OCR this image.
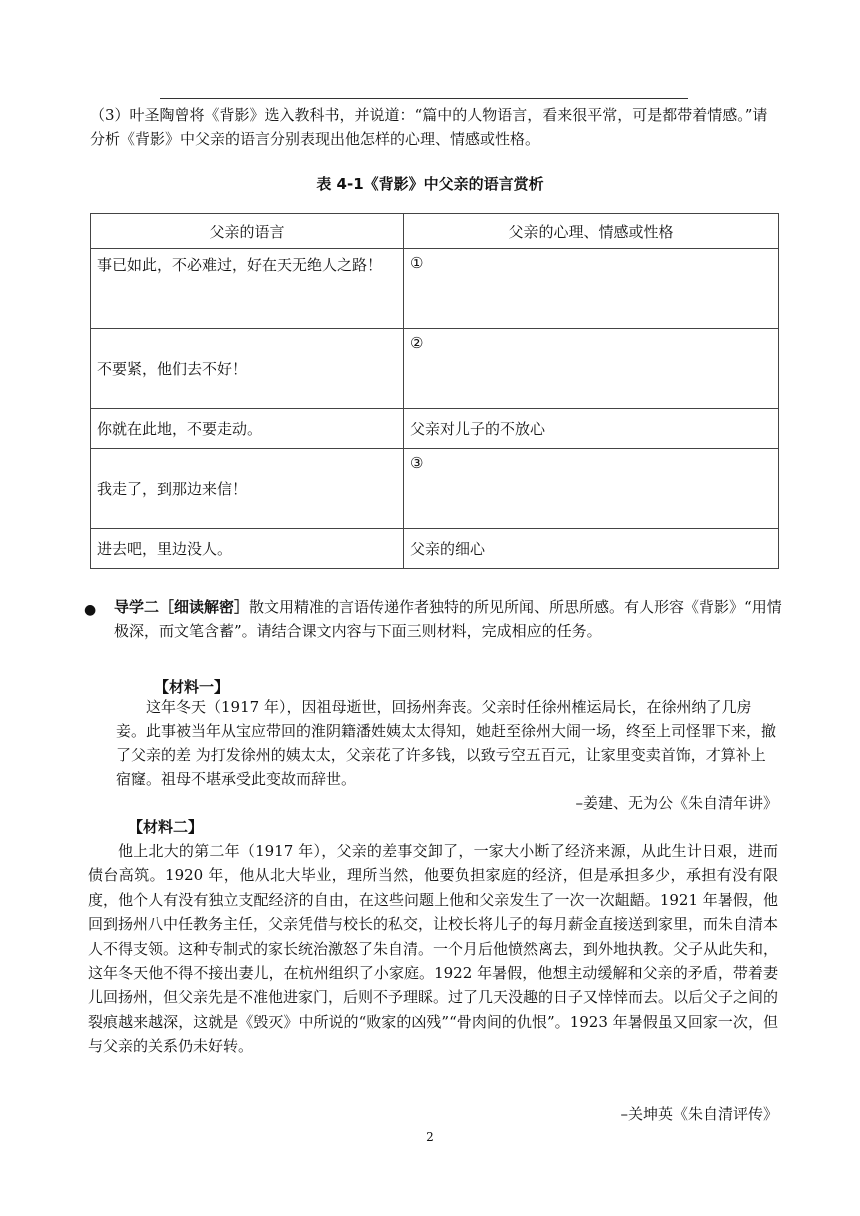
（3）叶圣陶曾将《背影》选入教科书，并说道：“篇中的人物语言，看来很平常，可是都带着情感。”请分析《背影》中父亲的语言分别表现出他怎样的心理、情感或性格。

表 4-1《背影》中父亲的语言赏析
父亲的语言	父亲的心理、情感或性格
事已如此，不必难过，好在天无绝人之路！	①
不要紧，他们去不好！	②
你就在此地，不要走动。	父亲对儿子的不放心
我走了，到那边来信！	③
进去吧，里边没人。	父亲的细心
● 导学二［细读解密］散文用精准的言语传递作者独特的所见所闻、所思所感。有人形容《背影》“用情极深，而文笔含蓄”。请结合课文内容与下面三则材料，完成相应的任务。
【材料一】

这年冬天（1917 年），因祖母逝世，回扬州奔丧。父亲时任徐州榷运局长，在徐州纳了几房妾。此事被当年从宝应带回的淮阴籍潘姓姨太太得知，她赶至徐州大闹一场，终至上司怪罪下来，撤了父亲的差 为打发徐州的姨太太，父亲花了许多钱，以致亏空五百元，让家里变卖首饰，才算补上宿窿。祖母不堪承受此变故而辞世。

–姜建、无为公《朱自清年讲》
【材料二】

他上北大的第二年（1917 年），父亲的差事交卸了，一家大小断了经济来源，从此生计日艰，进而债台高筑。1920 年，他从北大毕业，理所当然，他要负担家庭的经济，但是承担多少，承担有没有限度，他个人有没有独立支配经济的自由，在这些问题上他和父亲发生了一次一次龃龉。1921 年暑假，他回到扬州八中任教务主任，父亲凭借与校长的私交，让校长将儿子的每月薪金直接送到家里，而朱自清本人不得支领。这种专制式的家长统治激怒了朱自清。一个月后他愤然离去，到外地执教。父子从此失和，这年冬天他不得不接出妻儿，在杭州组织了小家庭。1922 年暑假，他想主动缓解和父亲的矛盾，带着妻儿回扬州，但父亲先是不准他进家门，后则不予理睬。过了几天没趣的日子又悻悻而去。以后父子之间的裂痕越来越深，这就是《毁灭》中所说的“败家的凶残”“骨肉间的仇恨”。1923 年暑假虽又回家一次，但与父亲的关系仍未好转。

–关坤英《朱自清评传》
2
